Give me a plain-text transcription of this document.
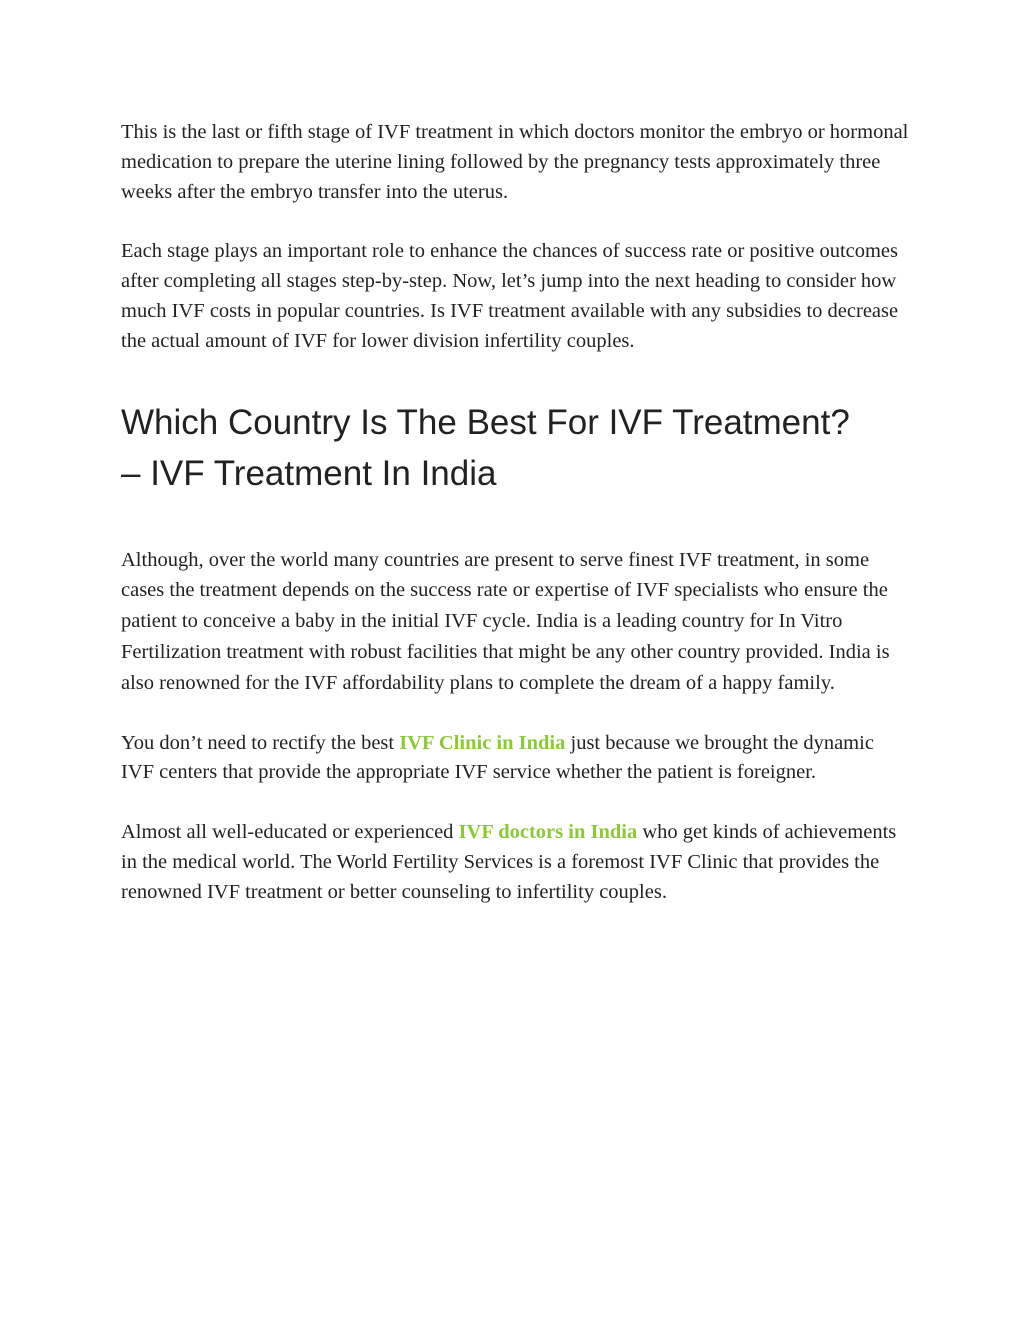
This is the last or fifth stage of IVF treatment in which doctors monitor the embryo or hormonal medication to prepare the uterine lining followed by the pregnancy tests approximately three weeks after the embryo transfer into the uterus.

Each stage plays an important role to enhance the chances of success rate or positive outcomes after completing all stages step-by-step. Now, let’s jump into the next heading to consider how much IVF costs in popular countries. Is IVF treatment available with any subsidies to decrease the actual amount of IVF for lower division infertility couples.

Which Country Is The Best For IVF Treatment?
– IVF Treatment In India

Although, over the world many countries are present to serve finest IVF treatment, in some cases the treatment depends on the success rate or expertise of IVF specialists who ensure the patient to conceive a baby in the initial IVF cycle. India is a leading country for In Vitro Fertilization treatment with robust facilities that might be any other country provided. India is also renowned for the IVF affordability plans to complete the dream of a happy family.

You don’t need to rectify the best IVF Clinic in India just because we brought the dynamic IVF centers that provide the appropriate IVF service whether the patient is foreigner.

Almost all well-educated or experienced IVF doctors in India who get kinds of achievements in the medical world. The World Fertility Services is a foremost IVF Clinic that provides the renowned IVF treatment or better counseling to infertility couples.
